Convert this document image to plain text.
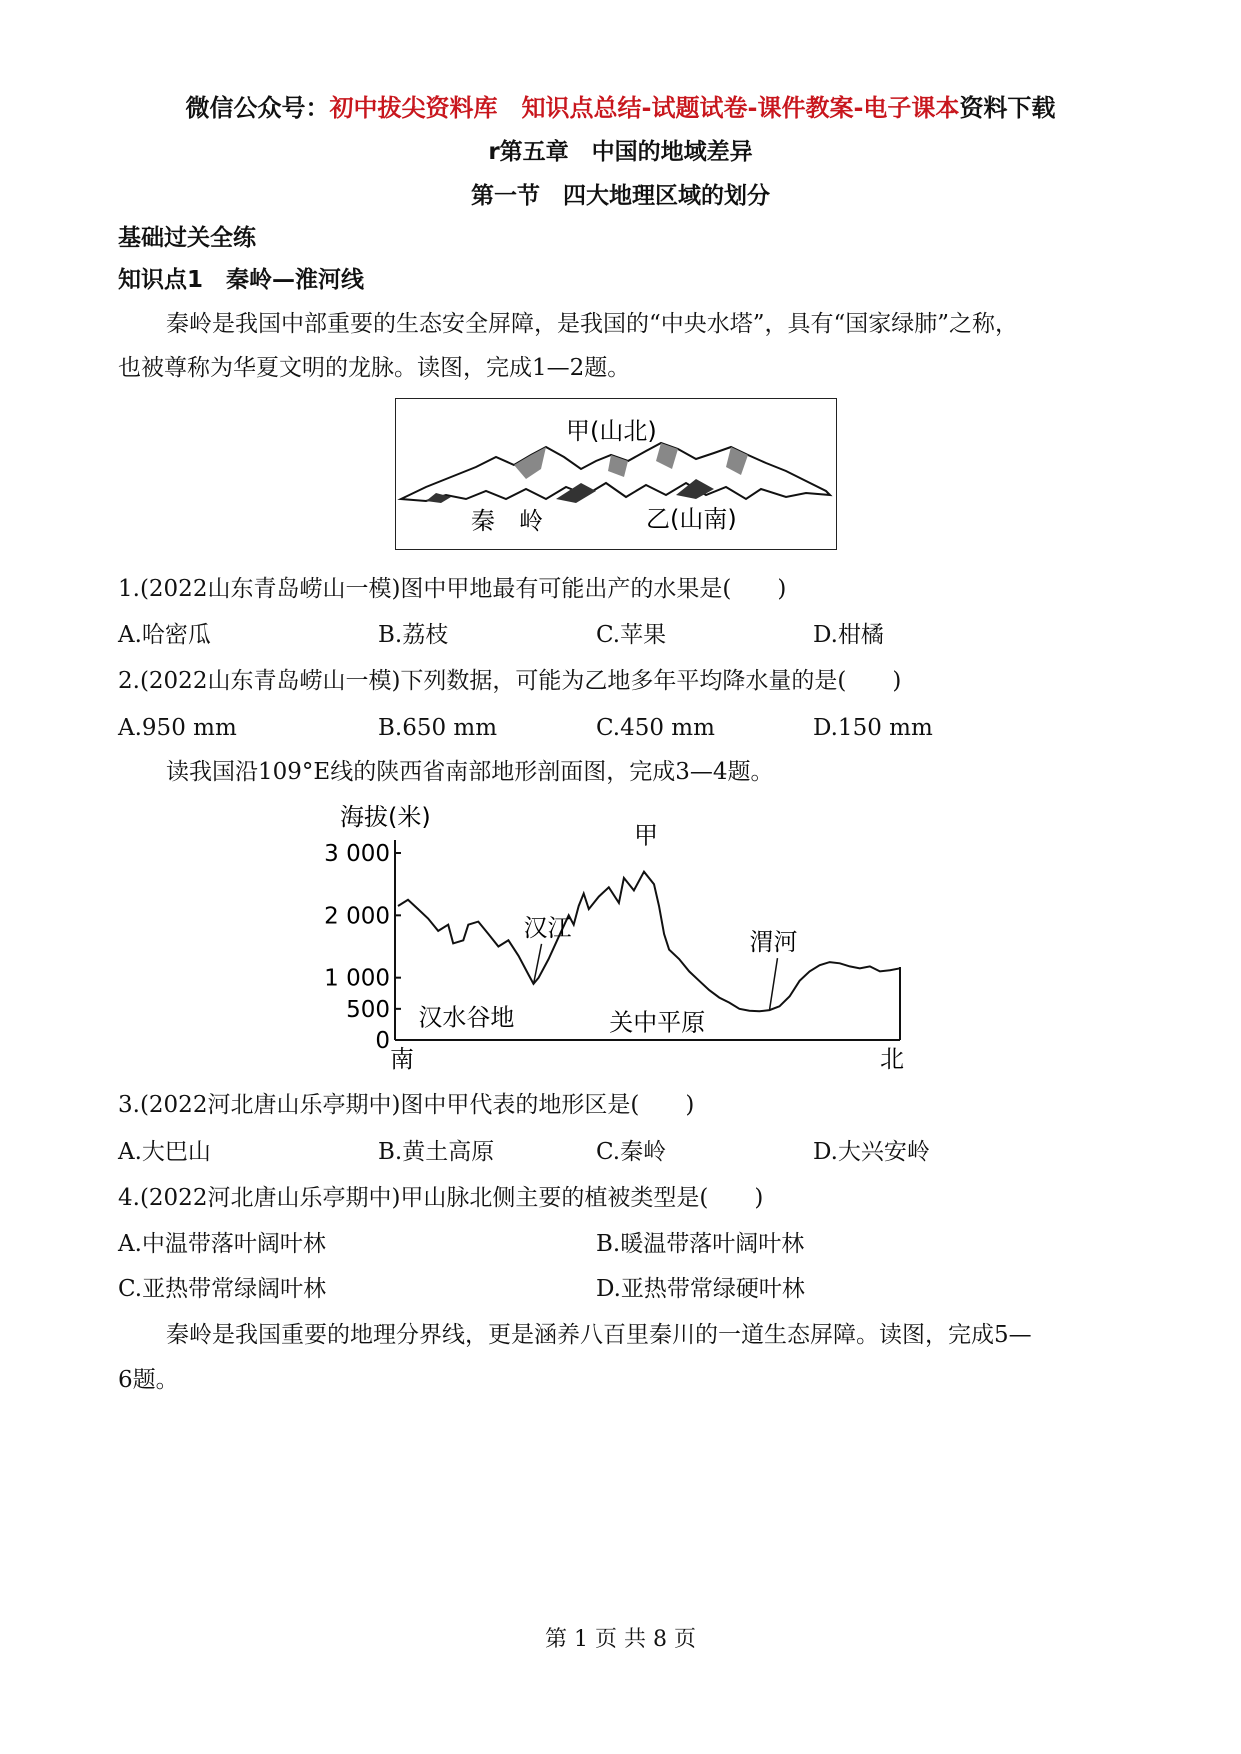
微信公众号：初中拔尖资料库　知识点总结-试题试卷-课件教案-电子课本资料下载
r第五章　中国的地域差异
第一节　四大地理区域的划分
基础过关全练
知识点1　秦岭—淮河线
秦岭是我国中部重要的生态安全屏障，是我国的“中央水塔”，具有“国家绿肺”之称，
也被尊称为华夏文明的龙脉。读图，完成1—2题。
甲(山北)
秦　岭	乙(山南)
1.(2022山东青岛崂山一模)图中甲地最有可能出产的水果是(　　)
A.哈密瓜	B.荔枝	C.苹果	D.柑橘
2.(2022山东青岛崂山一模)下列数据，可能为乙地多年平均降水量的是(　　)
A.950 mm	B.650 mm	C.450 mm	D.150 mm
读我国沿109°E线的陕西省南部地形剖面图，完成3—4题。
海拔(米)
3 000
2 000
1 000
500
0
甲
汉江
汉水谷地
渭河
关中平原
南	北
3.(2022河北唐山乐亭期中)图中甲代表的地形区是(　　)
A.大巴山	B.黄土高原	C.秦岭	D.大兴安岭
4.(2022河北唐山乐亭期中)甲山脉北侧主要的植被类型是(　　)
A.中温带落叶阔叶林	B.暖温带落叶阔叶林
C.亚热带常绿阔叶林	D.亚热带常绿硬叶林
秦岭是我国重要的地理分界线，更是涵养八百里秦川的一道生态屏障。读图，完成5—
6题。
第 1 页 共 8 页
